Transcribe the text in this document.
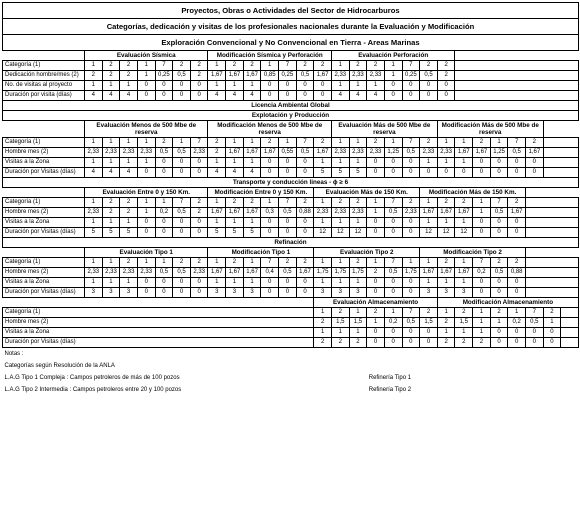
Proyectos, Obras o Actividades del Sector de Hidrocarburos																												
Categorías, dedicación y visitas de los profesionales nacionales durante la Evaluación y Modificación																												
Exploración Convencional y No Convencional en Tierra - Areas Marinas																												
	Evaluación Sísmica							Modificación Sísmica y Perforación							Evaluación Perforación													
Categoría (1)	1	2	2	1	7	2	2	1	2	2	1	7	2	2	1	2	2	1	7	2	2							
Dedicación hombre/mes (2)	2	2	2	1	0,25	0,5	2	1,67	1,67	1,67	0,85	0,25	0,5	1,67	2,33	2,33	2,33	1	0,25	0,5	2							
No. de visitas al proyecto	1	1	1	0	0	0	0	1	1	1	0	0	0	0	1	1	1	0	0	0	0							
Duración por visita (días)	4	4	4	0	0	0	0	4	4	4	0	0	0	0	4	4	4	0	0	0	0							
Licencia Ambiental Global																												
Explotación y Producción																												
	Evaluación Menos de 500 Mbe de reserva							Modificación Menos de 500 Mbe de reserva							Evaluación Más de 500 Mbe de reserva						Modificación Más de 500 Mbe de reserva							
Categoría (1)	1	1	1	1	2	1	7	2	1	1	2	1	7	2	1	1	2	1	7	2	1	1	2	1	7	2		
Hombre mes (2)	2,33	2,33	2,33	2,33	0,5	0,5	2,33	2	1,67	1,67	1,67	0,55	0,5	1,67	2,33	2,33	2,33	1,25	0,5	2,33	2,33	1,67	1,67	1,25	0,5	1,67		
Visitas a la Zona	1	1	1	1	0	0	0	1	1	1	0	0	0	1	1	1	0	0	0	1	1	1	0	0	0	0		
Duración por Visitas (días)	4	4	4	0	0	0	0	4	4	4	0	0	0	5	5	5	0	0	0	0	0	0	0	0	0	0		
Transporte y conducción lineas - ϕ ≥ 6																												
	Evaluación Entre 0 y 150 Km.							Modificación Entre 0 y 150 Km.						Evaluación Más de 150 Km.						Modificación Más de 150 Km.								
Categoría (1)	1	2	2	1	1	7	2	1	2	2	1	7	2	1	2	2	1	7	2	1	2	2	1	7	2			
Hombre mes (2)	2,33	2	2	1	0,2	0,5	2	1,67	1,67	1,67	0,3	0,5	0,88	2,33	2,33	2,33	1	0,5	2,33	1,67	1,67	1,67	1	0,5	1,67			
Visitas a la Zona	1	1	1	0	0	0	0	1	1	1	0	0	0	1	1	1	0	0	0	1	1	1	0	0	0			
Duración por Visitas (días)	5	5	5	0	0	0	0	5	5	5	0	0	0	12	12	12	0	0	0	12	12	12	0	0	0			
Refinación																												
	Evaluación Tipo 1							Modificación Tipo 1						Evaluación Tipo 2						Modificación Tipo 2								
Categoría (1)	1	1	2	1	1	2	2	1	2	1	7	2	2	1	1	2	1	7	1	1	2	1	7	2	2			
Hombre mes (2)	2,33	2,33	2,33	2,33	0,5	0,5	2,33	1,67	1,67	1,67	0,4	0,5	1,67	1,75	1,75	1,75	2	0,5	1,75	1,67	1,67	1,67	0,2	0,5	0,88			
Visitas a la Zona	1	1	1	0	0	0	0	1	1	1	0	0	0	1	1	1	0	0	0	1	1	1	0	0	0			
Duración por Visitas (días)	3	3	3	0	0	0	0	3	3	3	0	0	0	3	3	3	0	0	0	3	3	3	0	0	0			
														Evaluación Almacenamiento							Modificación Almacenamiento							
Categoría (1)														1	2	1	2	1	7	2	1	2	1	2	1	7	2	
Hombre mes (2)														2	1,5	1,5	1	0,2	0,5	1,5	2	1,5	1	1	0,2	0,5	1	
Visitas a la Zona														1	1	1	0	0	0	0	1	1	1	0	0	0	0	
Duración por Visitas (días)														2	2	2	0	0	0	0	2	2	2	0	0	0	0	
Notas :																												
Categorías según Resolución de la ANLA																												
L.A.G Tipo 1 Compleja : Campos petroleros de más de 100 pozos																	Refinería Tipo 1											
L.A.G Tipo 2 Intermedia : Campos petroleros entre 20 y 100 pozos																	Refinería Tipo 2											
